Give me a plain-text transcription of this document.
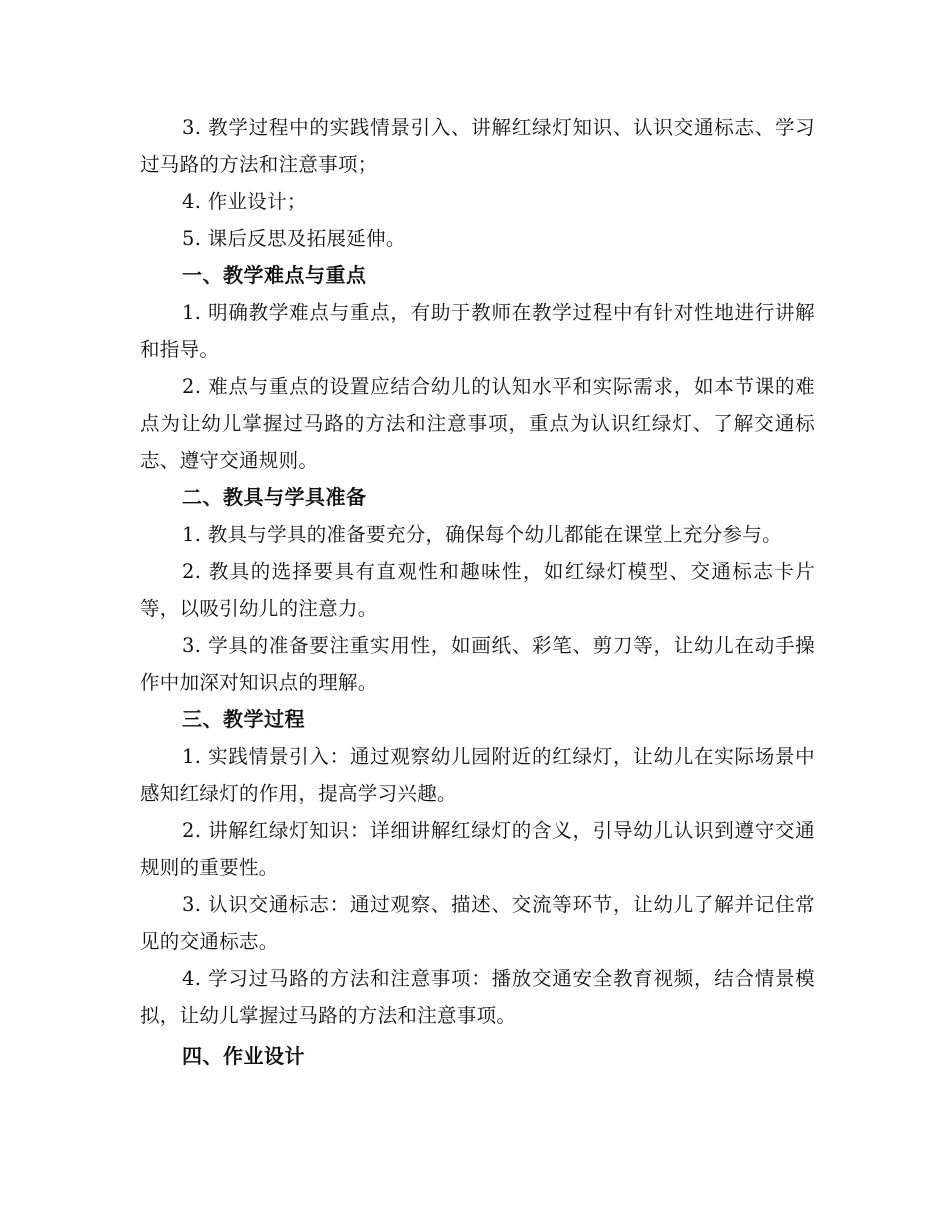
3. 教学过程中的实践情景引入、讲解红绿灯知识、认识交通标志、学习过马路的方法和注意事项；

4. 作业设计；

5. 课后反思及拓展延伸。

一、教学难点与重点

1. 明确教学难点与重点，有助于教师在教学过程中有针对性地进行讲解和指导。

2. 难点与重点的设置应结合幼儿的认知水平和实际需求，如本节课的难点为让幼儿掌握过马路的方法和注意事项，重点为认识红绿灯、了解交通标志、遵守交通规则。

二、教具与学具准备

1. 教具与学具的准备要充分，确保每个幼儿都能在课堂上充分参与。

2. 教具的选择要具有直观性和趣味性，如红绿灯模型、交通标志卡片等，以吸引幼儿的注意力。

3. 学具的准备要注重实用性，如画纸、彩笔、剪刀等，让幼儿在动手操作中加深对知识点的理解。

三、教学过程

1. 实践情景引入：通过观察幼儿园附近的红绿灯，让幼儿在实际场景中感知红绿灯的作用，提高学习兴趣。

2. 讲解红绿灯知识：详细讲解红绿灯的含义，引导幼儿认识到遵守交通规则的重要性。

3. 认识交通标志：通过观察、描述、交流等环节，让幼儿了解并记住常见的交通标志。

4. 学习过马路的方法和注意事项：播放交通安全教育视频，结合情景模拟，让幼儿掌握过马路的方法和注意事项。

四、作业设计
